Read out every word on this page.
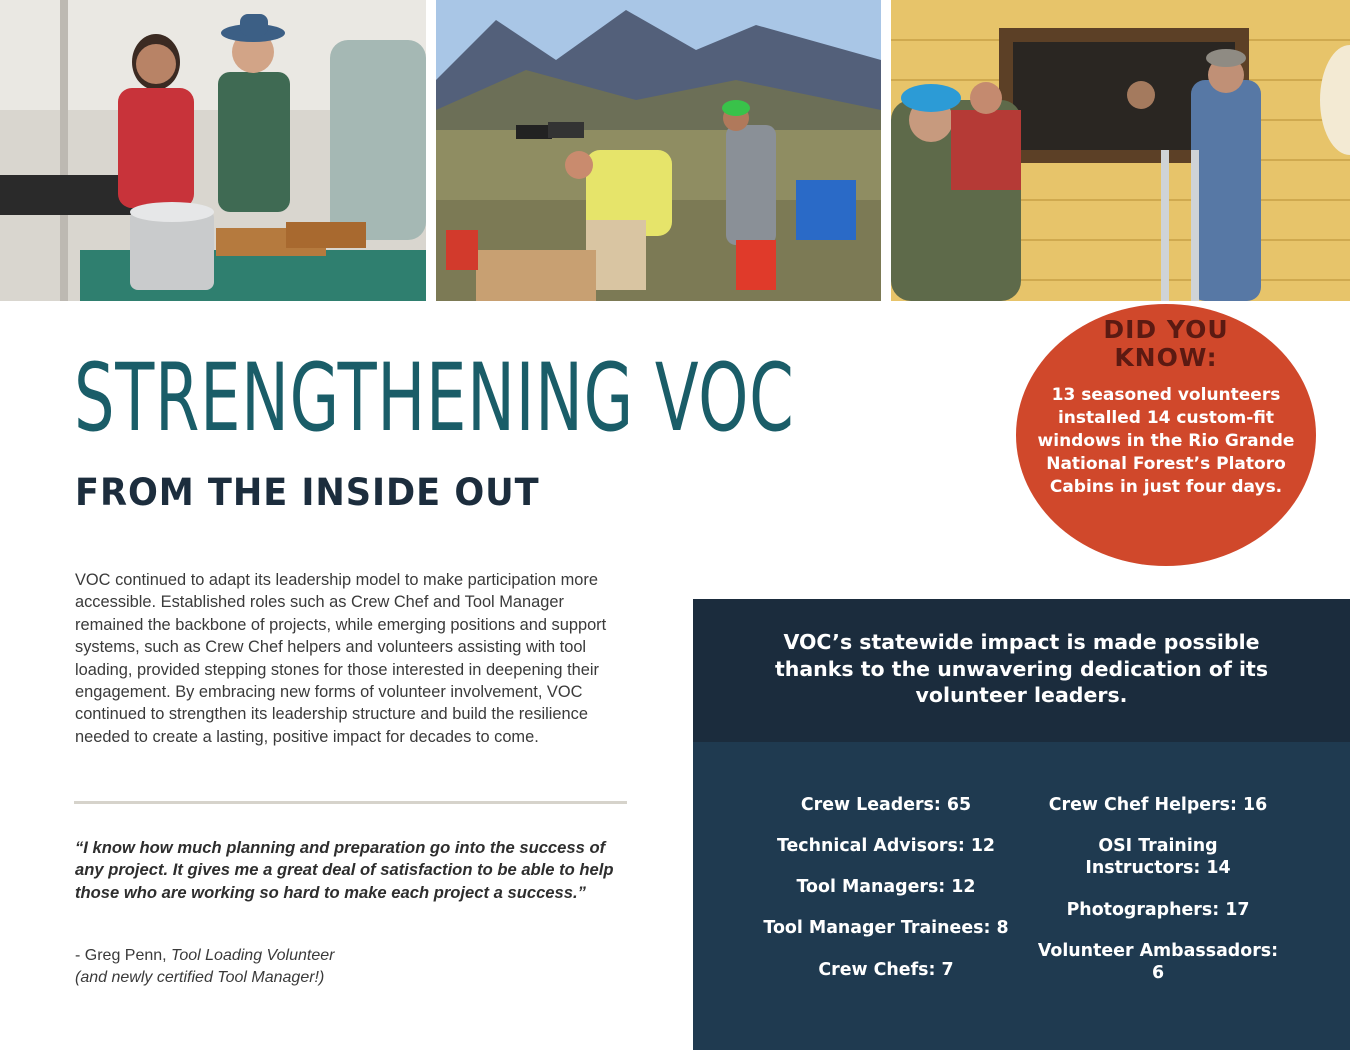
STRENGTHENING VOC
FROM THE INSIDE OUT
DID YOU
KNOW:
13 seasoned volunteers installed 14 custom-fit windows in the Rio Grande National Forest’s Platoro Cabins in just four days.

VOC continued to adapt its leadership model to make participation more accessible. Established roles such as Crew Chef and Tool Manager remained the backbone of projects, while emerging positions and support systems, such as Crew Chef helpers and volunteers assisting with tool loading, provided stepping stones for those interested in deepening their engagement. By embracing new forms of volunteer involvement, VOC continued to strengthen its leadership structure and build the resilience needed to create a lasting, positive impact for decades to come.

“I know how much planning and preparation go into the success of any project. It gives me a great deal of satisfaction to be able to help those who are working so hard to make each project a success.”

- Greg Penn, Tool Loading Volunteer
(and newly certified Tool Manager!)

VOC’s statewide impact is made possible thanks to the unwavering dedication of its volunteer leaders.
Crew Leaders: 65
Technical Advisors: 12
Tool Managers: 12
Tool Manager Trainees: 8
Crew Chefs: 7
Crew Chef Helpers: 16
OSI Training Instructors: 14
Photographers: 17
Volunteer Ambassadors: 6
